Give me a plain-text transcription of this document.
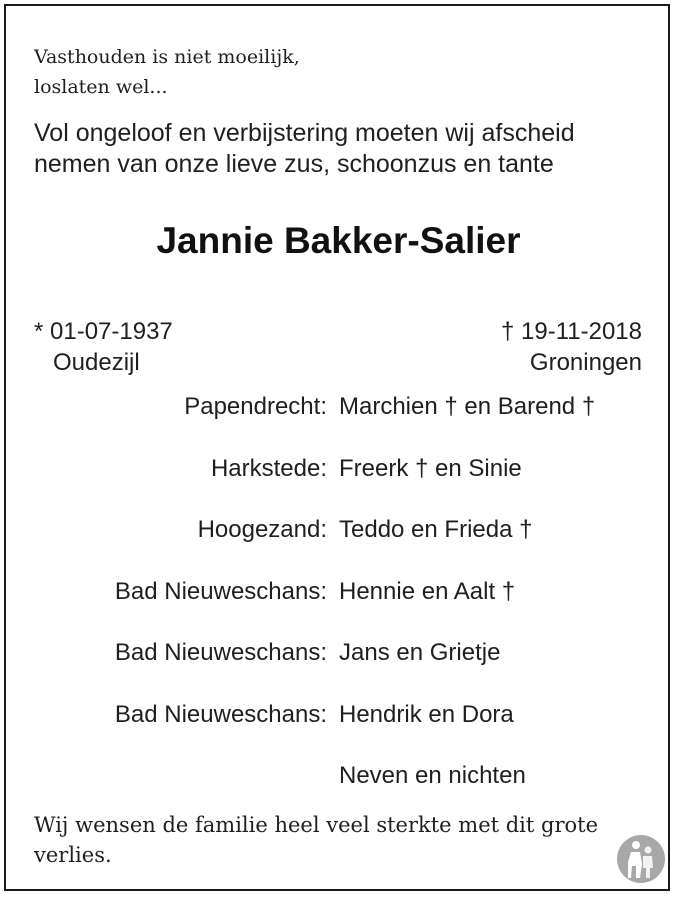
Vasthouden is niet moeilijk,
loslaten wel...
Vol ongeloof en verbijstering moeten wij afscheid
nemen van onze lieve zus, schoonzus en tante
Jannie Bakker-Salier
* 01-07-1937
Oudezijl
† 19-11-2018
Groningen
Papendrecht: Marchien † en Barend †
Harkstede: Freerk † en Sinie
Hoogezand: Teddo en Frieda †
Bad Nieuweschans: Hennie en Aalt †
Bad Nieuweschans: Jans en Grietje
Bad Nieuweschans: Hendrik en Dora
Neven en nichten
Wij wensen de familie heel veel sterkte met dit grote verlies.
